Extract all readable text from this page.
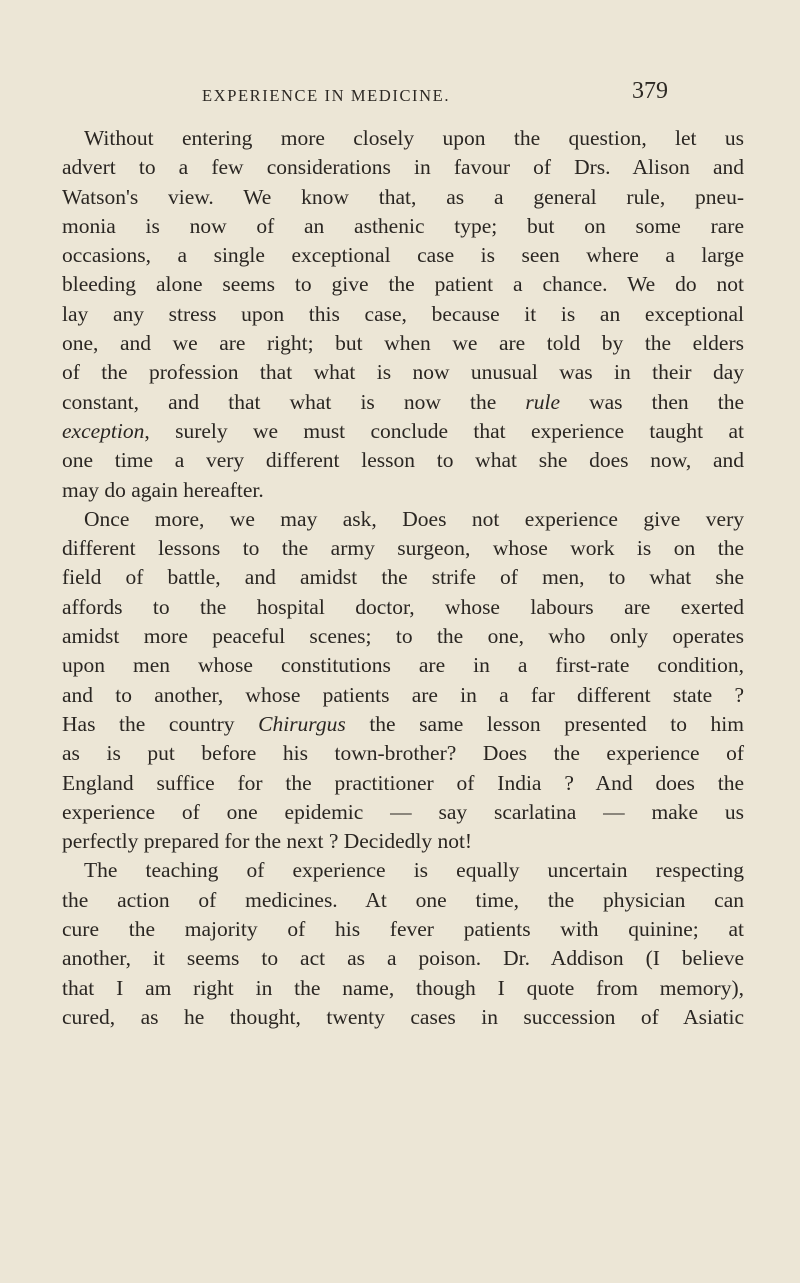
EXPERIENCE IN MEDICINE.	379
Without entering more closely upon the question, let us
advert to a few considerations in favour of Drs. Alison and
Watson's view. We know that, as a general rule, pneu-
monia is now of an asthenic type; but on some rare
occasions, a single exceptional case is seen where a large
bleeding alone seems to give the patient a chance. We do not
lay any stress upon this case, because it is an exceptional
one, and we are right; but when we are told by the elders
of the profession that what is now unusual was in their day
constant, and that what is now the rule was then the
exception, surely we must conclude that experience taught at
one time a very different lesson to what she does now, and
may do again hereafter.
Once more, we may ask, Does not experience give very
different lessons to the army surgeon, whose work is on the
field of battle, and amidst the strife of men, to what she
affords to the hospital doctor, whose labours are exerted
amidst more peaceful scenes; to the one, who only operates
upon men whose constitutions are in a first-rate condition,
and to another, whose patients are in a far different state ?
Has the country Chirurgus the same lesson presented to him
as is put before his town-brother? Does the experience of
England suffice for the practitioner of India ? And does the
experience of one epidemic — say scarlatina — make us
perfectly prepared for the next ? Decidedly not!
The teaching of experience is equally uncertain respecting
the action of medicines. At one time, the physician can
cure the majority of his fever patients with quinine; at
another, it seems to act as a poison. Dr. Addison (I believe
that I am right in the name, though I quote from memory),
cured, as he thought, twenty cases in succession of Asiatic
